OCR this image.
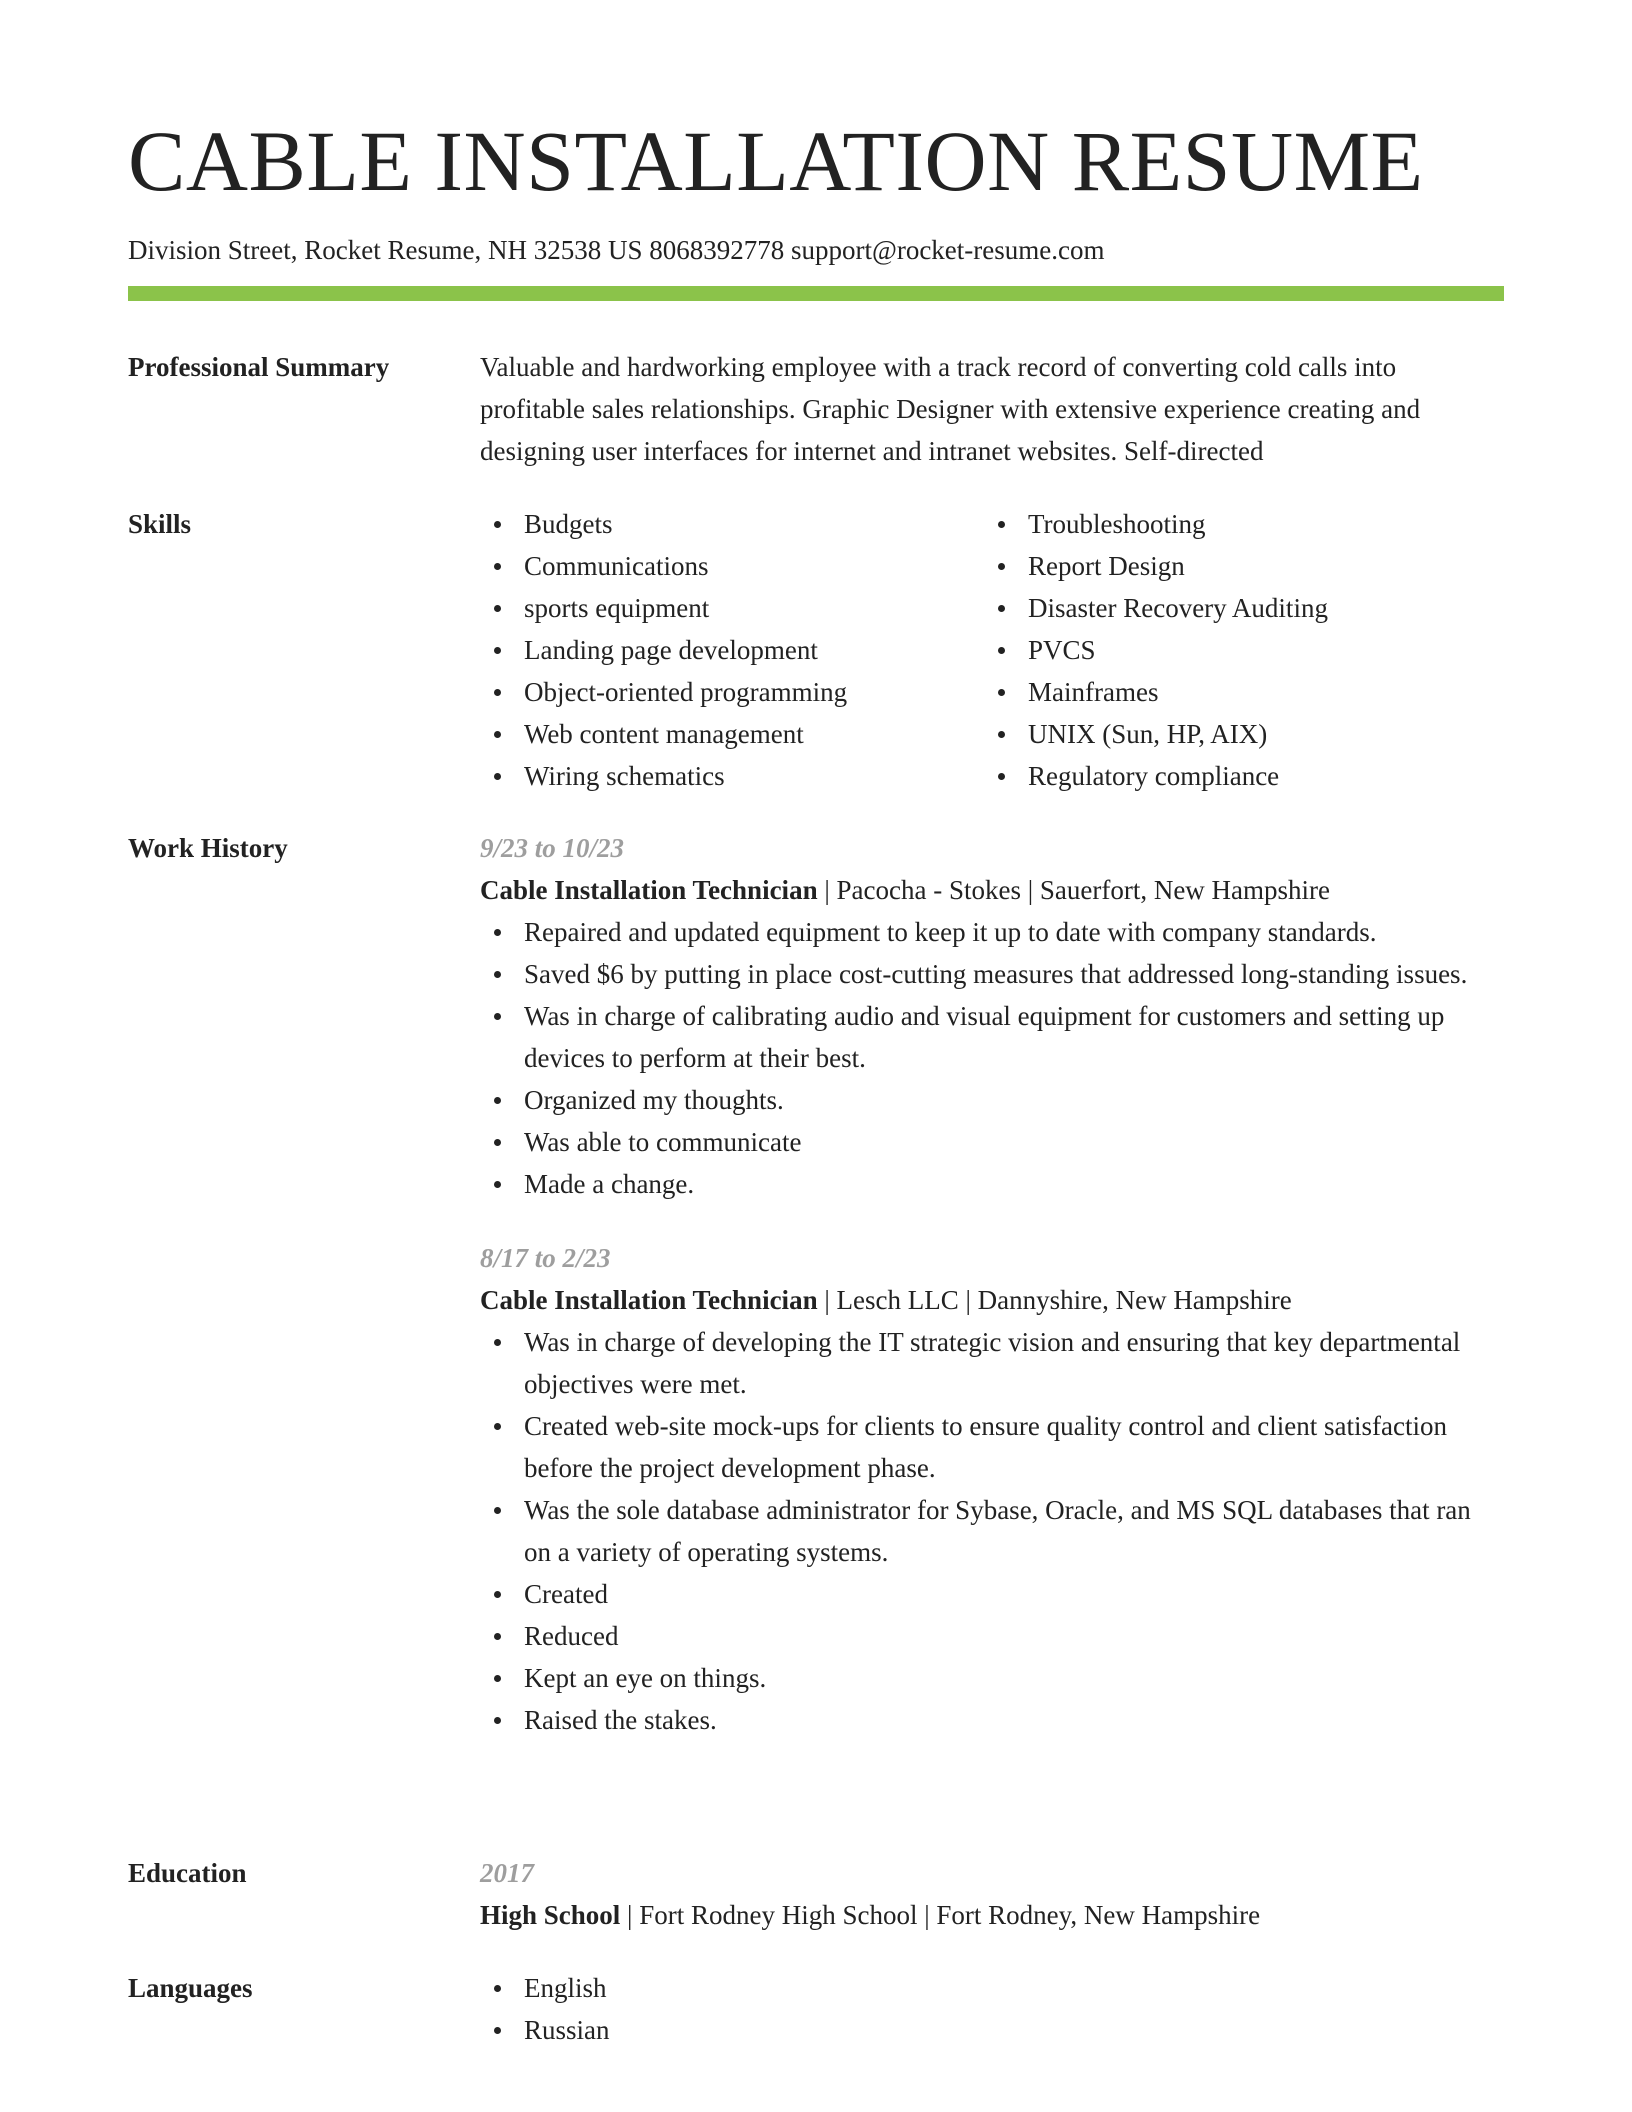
CABLE INSTALLATION RESUME
Division Street, Rocket Resume, NH 32538 US 8068392778 support@rocket-resume.com
Professional Summary	Valuable and hardworking employee with a track record of converting cold calls into profitable sales relationships. Graphic Designer with extensive experience creating and designing user interfaces for internet and intranet websites. Self-directed

Skills	Budgets
Communications
sports equipment
Landing page development
Object-oriented programming
Web content management
Wiring schematics
Troubleshooting
Report Design
Disaster Recovery Auditing
PVCS
Mainframes
UNIX (Sun, HP, AIX)
Regulatory compliance
Work History	9/23 to 10/23
Cable Installation Technician | Pacocha - Stokes | Sauerfort, New Hampshire
Repaired and updated equipment to keep it up to date with company standards.
Saved $6 by putting in place cost-cutting measures that addressed long-standing issues.
Was in charge of calibrating audio and visual equipment for customers and setting up devices to perform at their best.
Organized my thoughts.
Was able to communicate
Made a change.
8/17 to 2/23
Cable Installation Technician | Lesch LLC | Dannyshire, New Hampshire
Was in charge of developing the IT strategic vision and ensuring that key departmental objectives were met.
Created web-site mock-ups for clients to ensure quality control and client satisfaction before the project development phase.
Was the sole database administrator for Sybase, Oracle, and MS SQL databases that ran on a variety of operating systems.
Created
Reduced
Kept an eye on things.
Raised the stakes.
Education	2017
High School | Fort Rodney High School | Fort Rodney, New Hampshire
Languages	English
Russian
